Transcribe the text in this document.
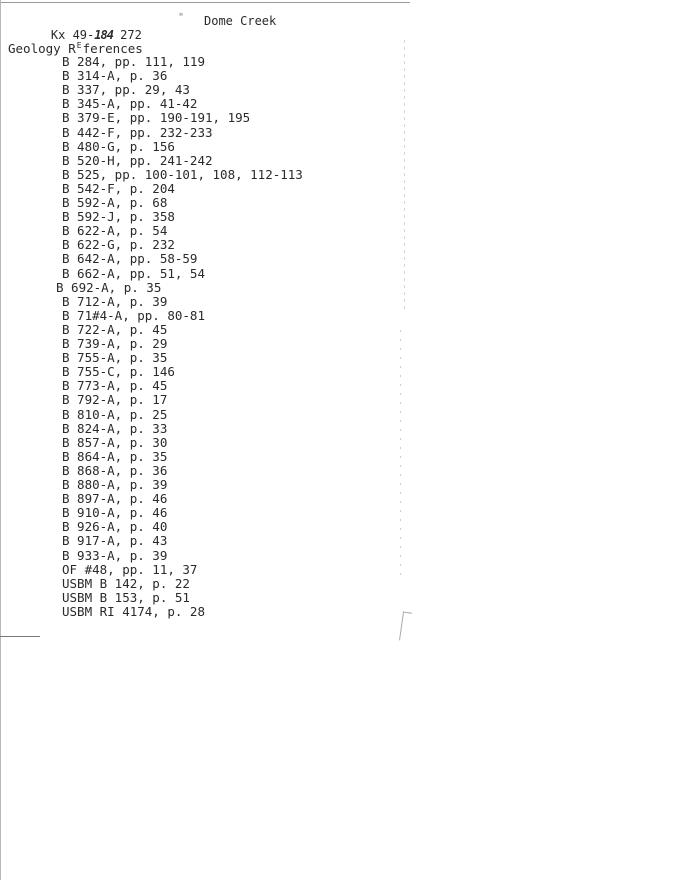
Kx 49-184 272

"

Dome Creek

Geology $R^Eferences$
B 284, pp. 111, 119
B 314-A, p. 36
B 337, pp. 29, 43
B 345-A, pp. 41-42
B 379-E, pp. 190-191, 195
B 442-F, pp. 232-233
B 480-G, p. 156
B 520-H, pp. 241-242
B 525, pp. 100-101, 108, 112-113
B 542-F, p. 204
B 592-A, p. 68
B 592-J, p. 358
B 622-A, p. 54
B 622-G, p. 232
B 642-A, pp. 58-59
B 662-A, pp. 51, 54
B 692-A, p. 35
B 712-A, p. 39
B 71#4-A, pp. 80-81
B 722-A, p. 45
B 739-A, p. 29
B 755-A, p. 35
B 755-C, p. 146
B 773-A, p. 45
B 792-A, p. 17
B 810-A, p. 25
B 824-A, p. 33
B 857-A, p. 30
B 864-A, p. 35
B 868-A, p. 36
B 880-A, p. 39
B 897-A, p. 46
B 910-A, p. 46
B 926-A, p. 40
B 917-A, p. 43
B 933-A, p. 39
OF #48, pp. 11, 37
USBM B 142, p. 22
USBM B 153, p. 51
USBM RI 4174, p. 28
